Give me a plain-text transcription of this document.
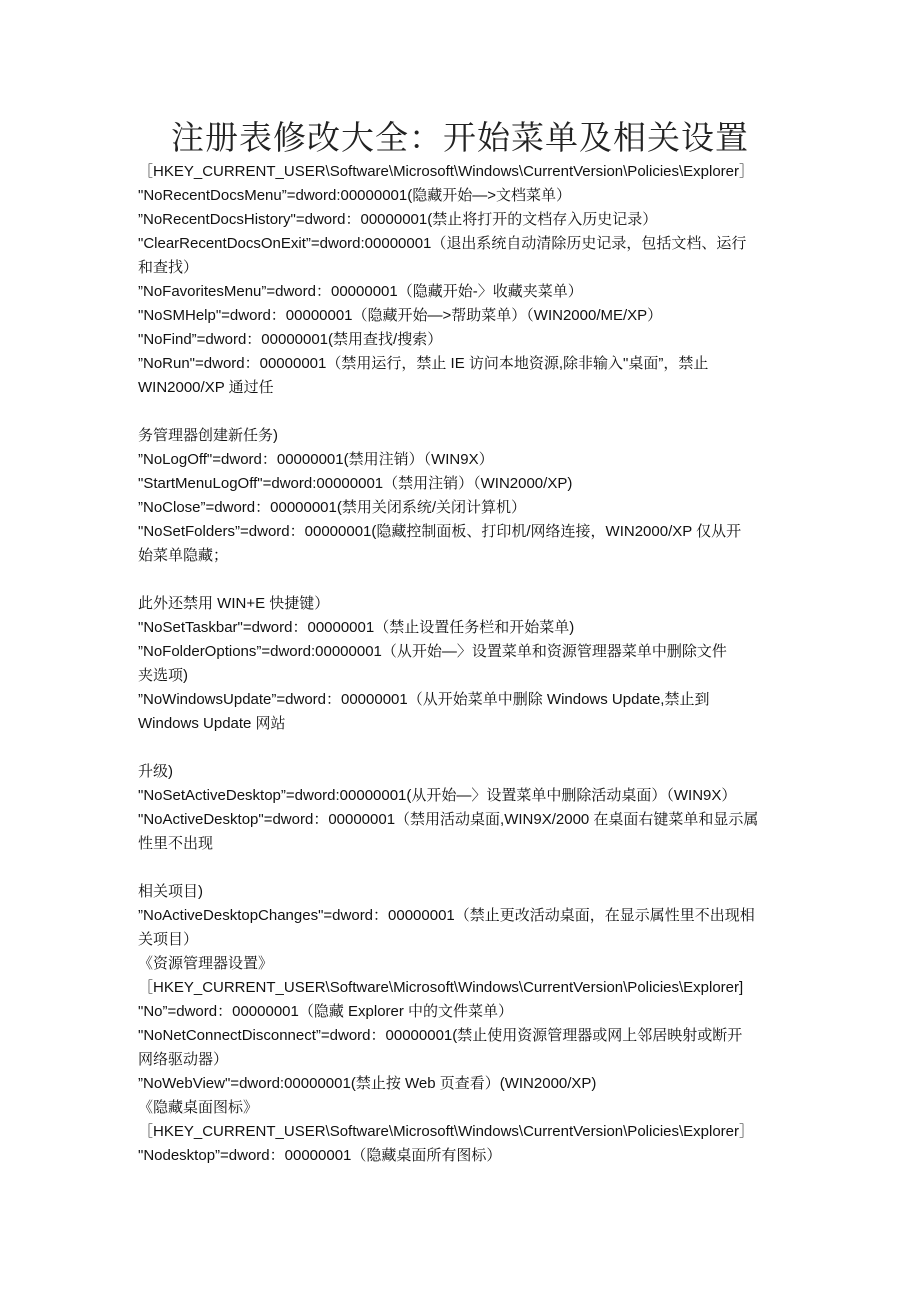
注册表修改大全：开始菜单及相关设置
［HKEY_CURRENT_USER\Software\Microsoft\Windows\CurrentVersion\Policies\Explorer］
"NoRecentDocsMenu”=dword:00000001(隐藏开始—>文档菜单）
”NoRecentDocsHistory"=dword：00000001(禁止将打开的文档存入历史记录）
"ClearRecentDocsOnExit”=dword:00000001（退出系统自动清除历史记录，包括文档、运行
和查找）
”NoFavoritesMenu”=dword：00000001（隐藏开始-〉收藏夹菜单）
"NoSMHelp"=dword：00000001（隐藏开始—>帮助菜单）（WIN2000/ME/XP）
"NoFind”=dword：00000001(禁用查找/搜索）
”NoRun"=dword：00000001（禁用运行，禁止 IE 访问本地资源,除非输入"桌面”，禁止
WIN2000/XP 通过任
务管理器创建新任务)
”NoLogOff"=dword：00000001(禁用注销）（WIN9X）
"StartMenuLogOff"=dword:00000001（禁用注销）（WIN2000/XP)
”NoClose”=dword：00000001(禁用关闭系统/关闭计算机）
"NoSetFolders”=dword：00000001(隐藏控制面板、打印机/网络连接，WIN2000/XP 仅从开
始菜单隐藏；
此外还禁用 WIN+E 快捷键）
"NoSetTaskbar"=dword：00000001（禁止设置任务栏和开始菜单)
”NoFolderOptions”=dword:00000001（从开始—〉设置菜单和资源管理器菜单中删除文件
夹选项)
”NoWindowsUpdate”=dword：00000001（从开始菜单中删除 Windows Update,禁止到
Windows Update 网站
升级)
"NoSetActiveDesktop”=dword:00000001(从开始—〉设置菜单中删除活动桌面）（WIN9X）
"NoActiveDesktop"=dword：00000001（禁用活动桌面,WIN9X/2000 在桌面右键菜单和显示属
性里不出现
相关项目)
”NoActiveDesktopChanges"=dword：00000001（禁止更改活动桌面，在显示属性里不出现相
关项目）
《资源管理器设置》
［HKEY_CURRENT_USER\Software\Microsoft\Windows\CurrentVersion\Policies\Explorer]
"No”=dword：00000001（隐藏 Explorer 中的文件菜单）
"NoNetConnectDisconnect”=dword：00000001(禁止使用资源管理器或网上邻居映射或断开
网络驱动器）
”NoWebView"=dword:00000001(禁止按 Web 页查看）(WIN2000/XP)
《隐藏桌面图标》
［HKEY_CURRENT_USER\Software\Microsoft\Windows\CurrentVersion\Policies\Explorer］
"Nodesktop”=dword：00000001（隐藏桌面所有图标）
